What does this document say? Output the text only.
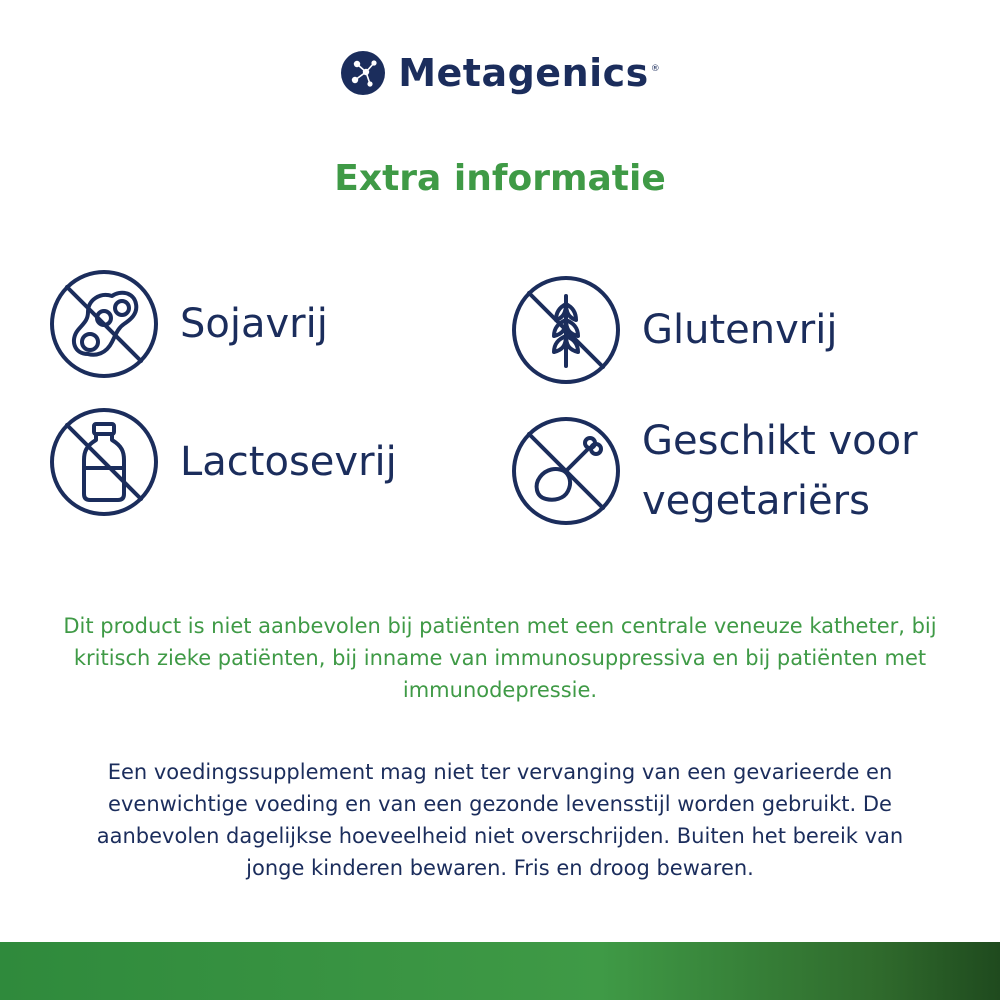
Metagenics ®
Extra informatie
Sojavrij	Glutenvrij
Lactosevrij	Geschikt voor vegetariërs
Dit product is niet aanbevolen bij patiënten met een centrale veneuze katheter, bij kritisch zieke patiënten, bij inname van immunosuppressiva en bij patiënten met immunodepressie.
Een voedingssupplement mag niet ter vervanging van een gevarieerde en evenwichtige voeding en van een gezonde levensstijl worden gebruikt. De aanbevolen dagelijkse hoeveelheid niet overschrijden. Buiten het bereik van jonge kinderen bewaren. Fris en droog bewaren.
